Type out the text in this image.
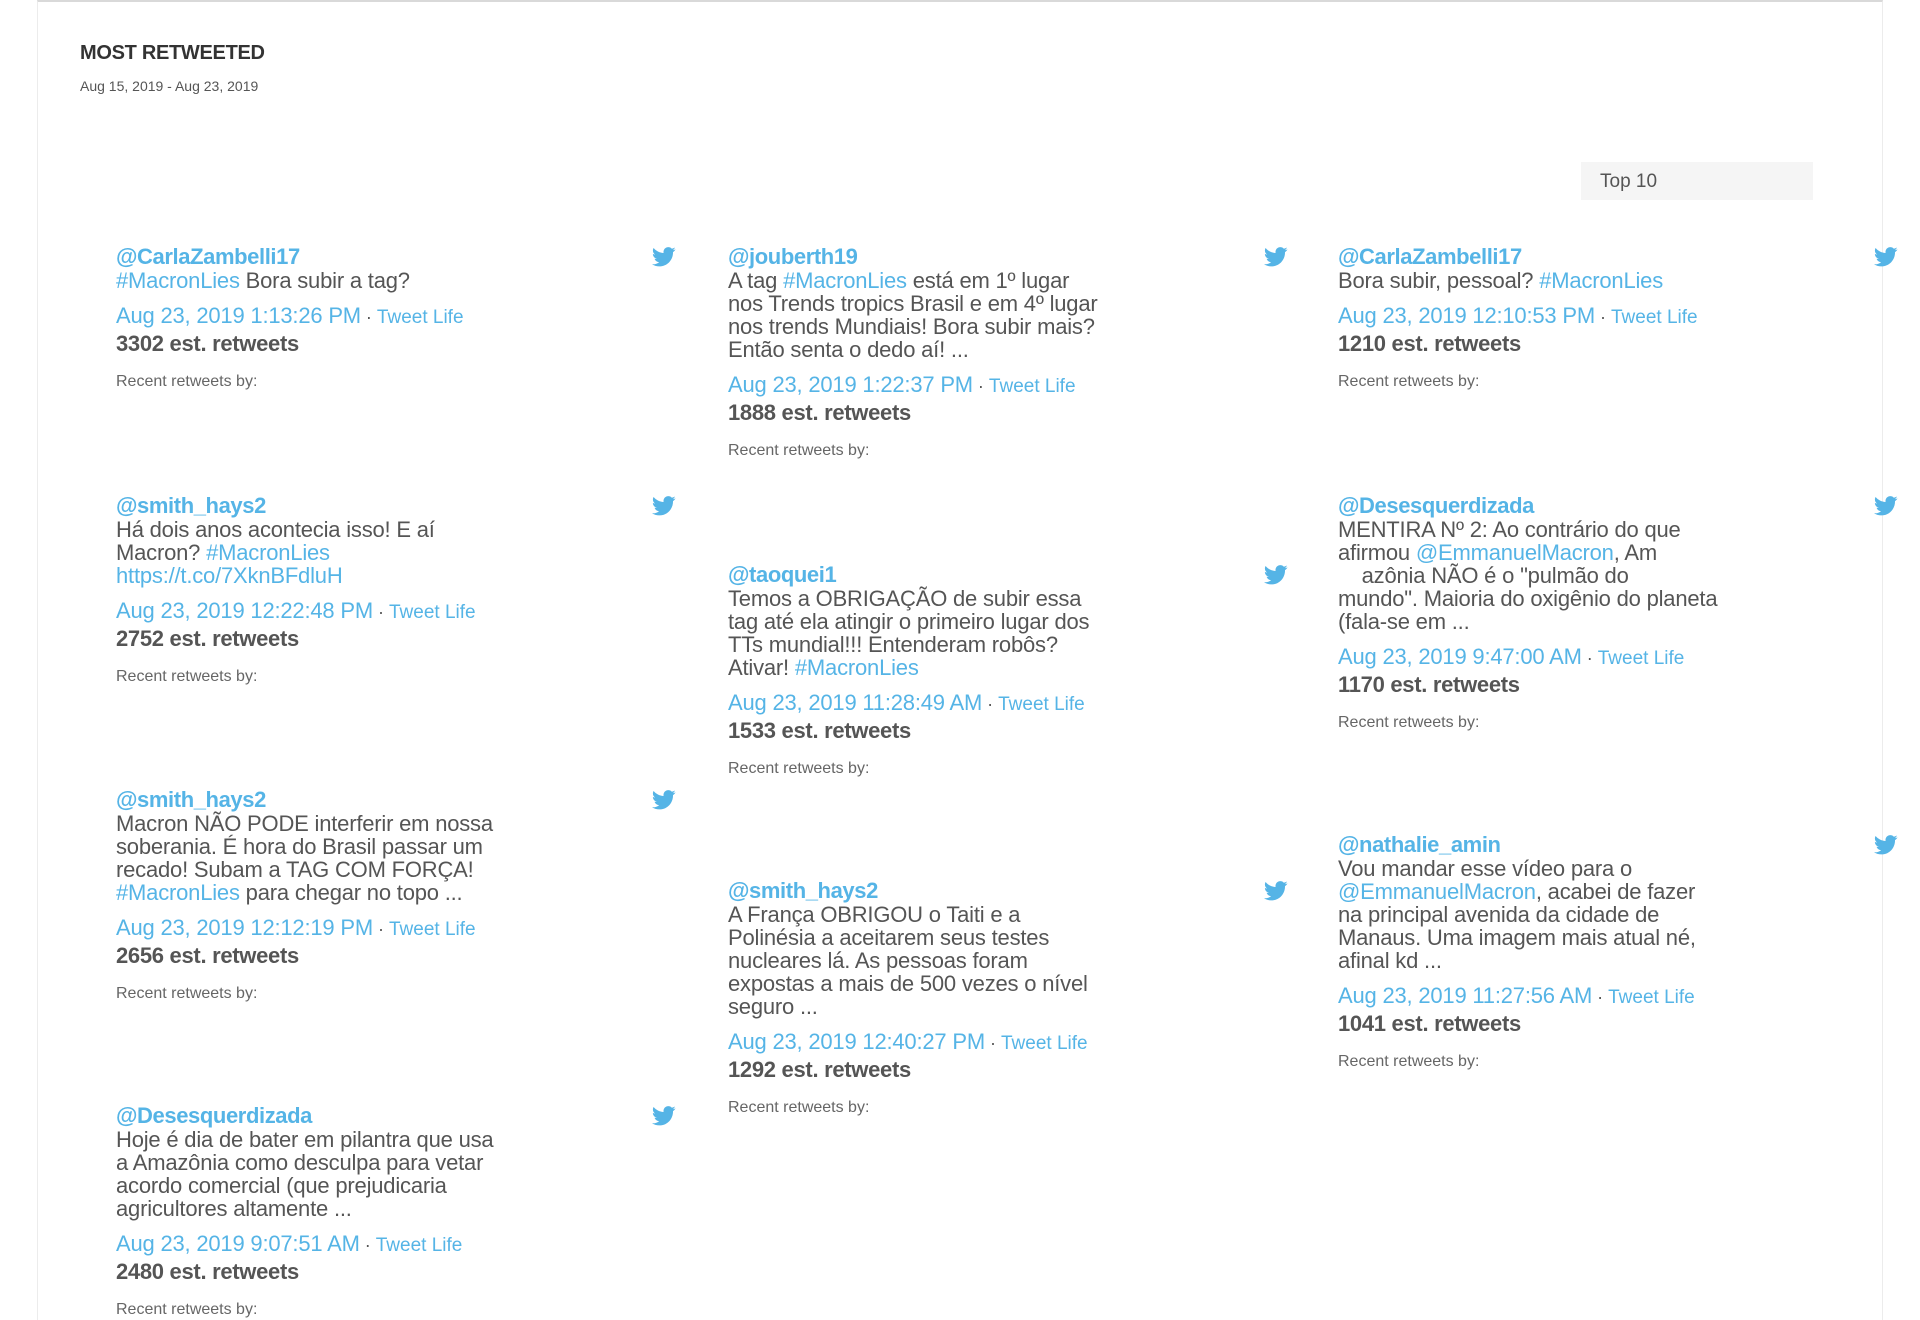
MOST RETWEETED
Aug 15, 2019 - Aug 23, 2019
Top 10
@CarlaZambelli17
#MacronLies Bora subir a tag?
Aug 23, 2019 1:13:26 PM · Tweet Life
3302 est. retweets
Recent retweets by:
@jouberth19
A tag #MacronLies está em 1º lugar
nos Trends tropics Brasil e em 4º lugar
nos trends Mundiais! Bora subir mais?
Então senta o dedo aí! ...
Aug 23, 2019 1:22:37 PM · Tweet Life
1888 est. retweets
Recent retweets by:
@CarlaZambelli17
Bora subir, pessoal? #MacronLies
Aug 23, 2019 12:10:53 PM · Tweet Life
1210 est. retweets
Recent retweets by:
@smith_hays2
Há dois anos acontecia isso! E aí
Macron? #MacronLies
https://t.co/7XknBFdluH
Aug 23, 2019 12:22:48 PM · Tweet Life
2752 est. retweets
Recent retweets by:
@taoquei1
Temos a OBRIGAÇÃO de subir essa
tag até ela atingir o primeiro lugar dos
TTs mundial!!! Entenderam robôs?
Ativar! #MacronLies
Aug 23, 2019 11:28:49 AM · Tweet Life
1533 est. retweets
Recent retweets by:
@Desesquerdizada
MENTIRA Nº 2: Ao contrário do que
afirmou @EmmanuelMacron, Am
azônia NÃO é o "pulmão do
mundo". Maioria do oxigênio do planeta
(fala-se em ...
Aug 23, 2019 9:47:00 AM · Tweet Life
1170 est. retweets
Recent retweets by:
@smith_hays2
Macron NÃO PODE interferir em nossa
soberania. É hora do Brasil passar um
recado! Subam a TAG COM FORÇA!
#MacronLies para chegar no topo ...
Aug 23, 2019 12:12:19 PM · Tweet Life
2656 est. retweets
Recent retweets by:
@smith_hays2
A França OBRIGOU o Taiti e a
Polinésia a aceitarem seus testes
nucleares lá. As pessoas foram
expostas a mais de 500 vezes o nível
seguro ...
Aug 23, 2019 12:40:27 PM · Tweet Life
1292 est. retweets
Recent retweets by:
@nathalie_amin
Vou mandar esse vídeo para o
@EmmanuelMacron, acabei de fazer
na principal avenida da cidade de
Manaus. Uma imagem mais atual né,
afinal kd ...
Aug 23, 2019 11:27:56 AM · Tweet Life
1041 est. retweets
Recent retweets by:
@Desesquerdizada
Hoje é dia de bater em pilantra que usa
a Amazônia como desculpa para vetar
acordo comercial (que prejudicaria
agricultores altamente ...
Aug 23, 2019 9:07:51 AM · Tweet Life
2480 est. retweets
Recent retweets by:
